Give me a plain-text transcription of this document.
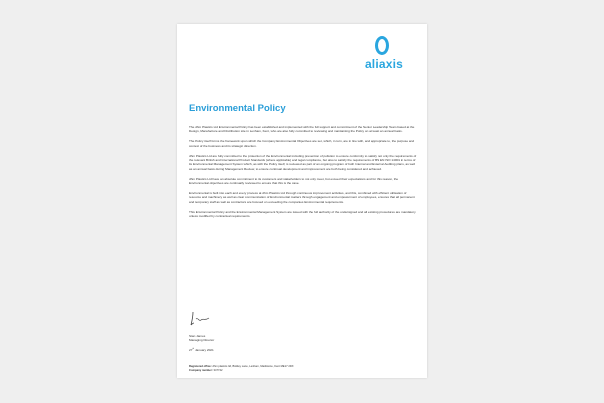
aliaxis
Environmental Policy

The dhm Plastics Ltd Environmental Policy has been established and implemented with the full support and commitment of the Senior Leadership Team based at the Design, Manufacture and Distribution site in Lenham, Kent, who are also fully committed to reviewing and maintaining the Policy on at least an annual basis.

The Policy itself forms the framework upon which the Company Environmental Objectives are set, which, in turn, are in line with, and appropriate to, the purpose and context of the business and its strategic direction.

dhm Plastics Ltd are fully committed to the protection of the Environmental including prevention of pollution to ensure conformity to satisfy not only the requirements of the relevant British and International Product Standards (where applicable) and legal compliance, but also to satisfy the requirements of BS EN ISO 14001 in terms of its Environmental Management System which, as with the Policy itself, is reviewed as part of an ongoing program of both Internal and External Auditing plans, as well as an annual basis during Management Review, to ensure continual development and improvement are both being considered and achieved.

dhm Plastics Ltd have an absolute commitment to its customers and stakeholders to not only meet, but exceed their expectations and for this reason, the Environmental objectives are continually reviewed to ensure that this is the case.

Environmental is built into each and every process at dhm Plastics Ltd through continuous improvement activities, and this, combined with efficient utilisation of resource and machinery as well as clear communication of Environmental matters through engagement and empowerment of employees, ensures that all permanent and temporary staff as well as contractors are focused on exceeding the companies Environmental requirements.

This Environmental Policy and the Environmental Management System are issued with the full authority of the undersigned and all existing procedures are mandatory unless modified by contractual requirements.

Stan James
Managing Director
27th January 2021
Registered office: dhm plastics ltd, Bickley Lane, Lenham, Maidstone, Kent ME17 2DX
Company number: 347742
